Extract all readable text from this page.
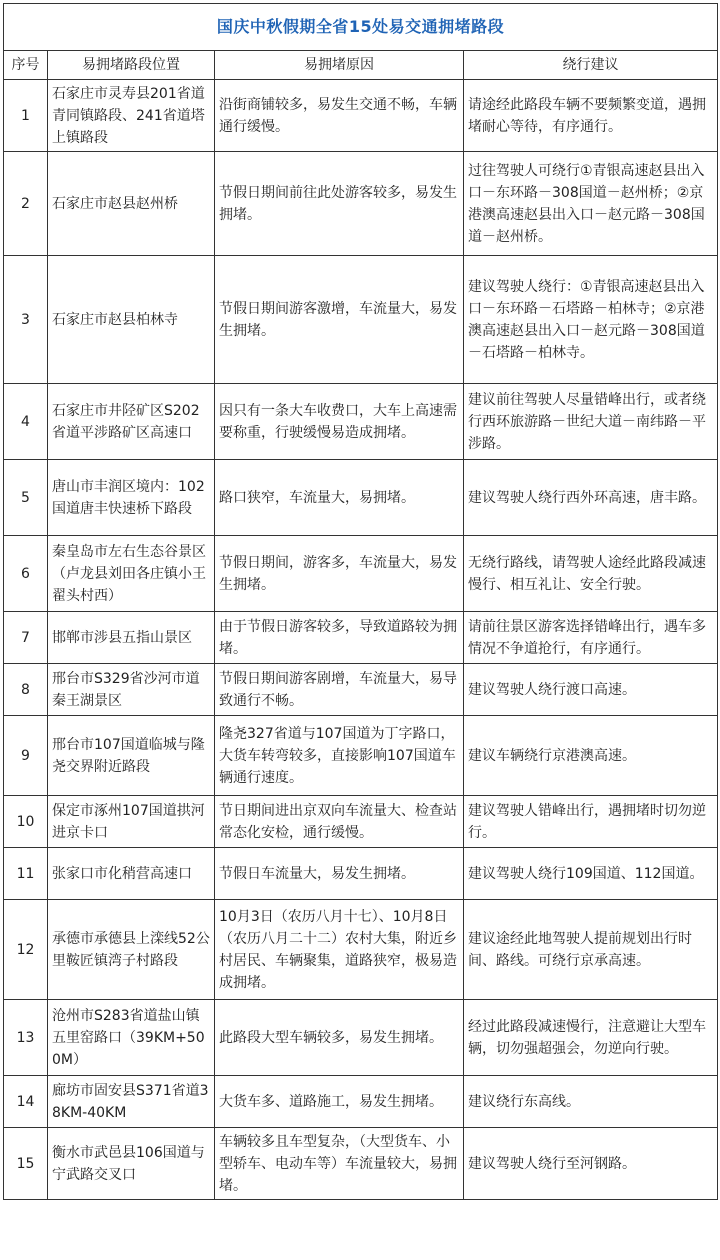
国庆中秋假期全省15处易交通拥堵路段			
序号	易拥堵路段位置	易拥堵原因	绕行建议
1	石家庄市灵寿县201省道青同镇路段、241省道塔上镇路段	沿街商铺较多，易发生交通不畅，车辆通行缓慢。	请途经此路段车辆不要频繁变道，遇拥堵耐心等待，有序通行。
2	石家庄市赵县赵州桥	节假日期间前往此处游客较多，易发生拥堵。	过往驾驶人可绕行①青银高速赵县出入口－东环路－308国道－赵州桥；②京港澳高速赵县出入口－赵元路－308国道－赵州桥。
3	石家庄市赵县柏林寺	节假日期间游客激增，车流量大，易发生拥堵。	建议驾驶人绕行：①青银高速赵县出入口－东环路－石塔路－柏林寺；②京港澳高速赵县出入口－赵元路－308国道－石塔路－柏林寺。
4	石家庄市井陉矿区S202省道平涉路矿区高速口	因只有一条大车收费口，大车上高速需要称重，行驶缓慢易造成拥堵。	建议前往驾驶人尽量错峰出行，或者绕行西环旅游路－世纪大道－南纬路－平涉路。
5	唐山市丰润区境内：102国道唐丰快速桥下路段	路口狭窄，车流量大，易拥堵。	建议驾驶人绕行西外环高速，唐丰路。
6	秦皇岛市左右生态谷景区（卢龙县刘田各庄镇小王翟头村西）	节假日期间，游客多，车流量大，易发生拥堵。	无绕行路线，请驾驶人途经此路段减速慢行、相互礼让、安全行驶。
7	邯郸市涉县五指山景区	由于节假日游客较多，导致道路较为拥堵。	请前往景区游客选择错峰出行，遇车多情况不争道抢行，有序通行。
8	邢台市S329省沙河市道秦王湖景区	节假日期间游客剧增，车流量大，易导致通行不畅。	建议驾驶人绕行渡口高速。
9	邢台市107国道临城与隆尧交界附近路段	隆尧327省道与107国道为丁字路口，大货车转弯较多，直接影响107国道车辆通行速度。	建议车辆绕行京港澳高速。
10	保定市涿州107国道拱河进京卡口	节日期间进出京双向车流量大、检查站常态化安检，通行缓慢。	建议驾驶人错峰出行，遇拥堵时切勿逆行。
11	张家口市化稍营高速口	节假日车流量大，易发生拥堵。	建议驾驶人绕行109国道、112国道。
12	承德市承德县上滦线52公里鞍匠镇湾子村路段	10月3日（农历八月十七）、10月8日（农历八月二十二）农村大集，附近乡村居民、车辆聚集，道路狭窄，极易造成拥堵。	建议途经此地驾驶人提前规划出行时间、路线。可绕行京承高速。
13	沧州市S283省道盐山镇五里窑路口（39KM+500M）	此路段大型车辆较多，易发生拥堵。	经过此路段减速慢行，注意避让大型车辆，切勿强超强会，勿逆向行驶。
14	廊坊市固安县S371省道38KM-40KM	大货车多、道路施工，易发生拥堵。	建议绕行东高线。
15	衡水市武邑县106国道与宁武路交叉口	车辆较多且车型复杂，（大型货车、小型轿车、电动车等）车流量较大，易拥堵。	建议驾驶人绕行至河钢路。
